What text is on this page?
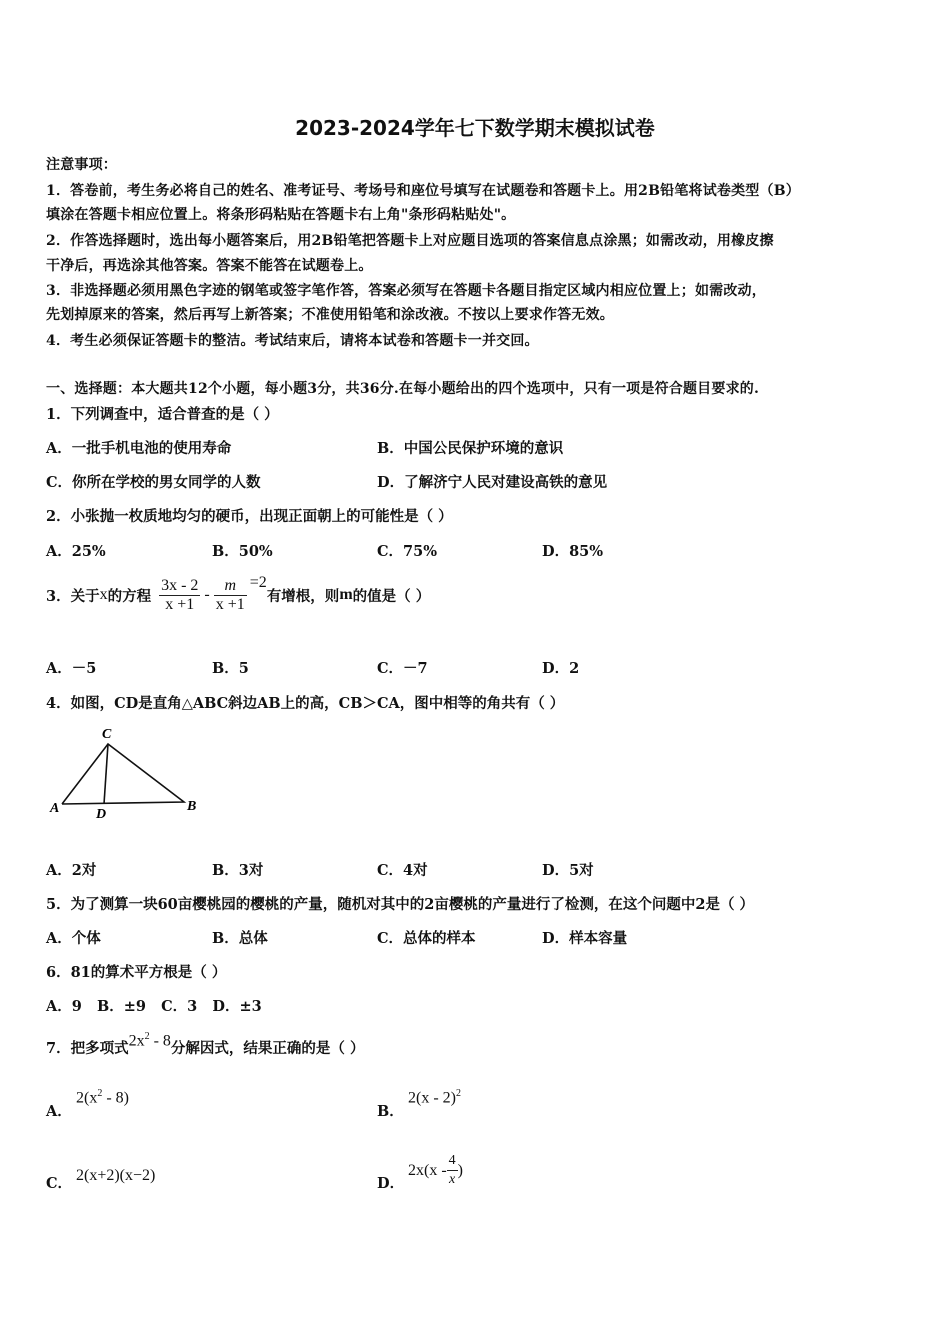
2023-2024学年七下数学期末模拟试卷
注意事项：
1．答卷前，考生务必将自己的姓名、准考证号、考场号和座位号填写在试题卷和答题卡上。用2B铅笔将试卷类型（B）
填涂在答题卡相应位置上。将条形码粘贴在答题卡右上角"条形码粘贴处"。
2．作答选择题时，选出每小题答案后，用2B铅笔把答题卡上对应题目选项的答案信息点涂黑；如需改动，用橡皮擦
干净后，再选涂其他答案。答案不能答在试题卷上。
3．非选择题必须用黑色字迹的钢笔或签字笔作答，答案必须写在答题卡各题目指定区域内相应位置上；如需改动，
先划掉原来的答案，然后再写上新答案；不准使用铅笔和涂改液。不按以上要求作答无效。
4．考生必须保证答题卡的整洁。考试结束后，请将本试卷和答题卡一并交回。
一、选择题：本大题共12个小题，每小题3分，共36分.在每小题给出的四个选项中，只有一项是符合题目要求的.
1．下列调查中，适合普查的是（ ）
A．一批手机电池的使用寿命	B．中国公民保护环境的意识
C．你所在学校的男女同学的人数	D．了解济宁人民对建设高铁的意见
2．小张抛一枚质地均匀的硬币，出现正面朝上的可能性是（ ）
A．25%	B．50%	C．75%	D．85%
3．关于 x 的方程 $\frac{3x - 2}{x +1} - \frac{m}{x +1} =2$
有增根，则 m 的值是（ ）
A．－5	B．5	C．－7	D．2
4．如图，CD是直角△ABC斜边AB上的高，CB＞CA，图中相等的角共有（ ）
C
A	D
B
A．2对	B．3对	C．4对	D．5对
5．为了测算一块60亩樱桃园的樱桃的产量，随机对其中的2亩樱桃的产量进行了检测，在这个问题中2是（ ）
A．个体	B．总体	C．总体的样本	D．样本容量
6．81的算术平方根是（ ）
A．9   B．±9   C．3   D．±3
7．把多项式 $2x^2 - 8$ 分解因式，结果正确的是（ ）
A．
$2(x^2 - 8)$
B．
2(x - 2)$^2$
C． 2(x+2)(x−2)	D．
$2x(x - \frac{4}{x}$ )
